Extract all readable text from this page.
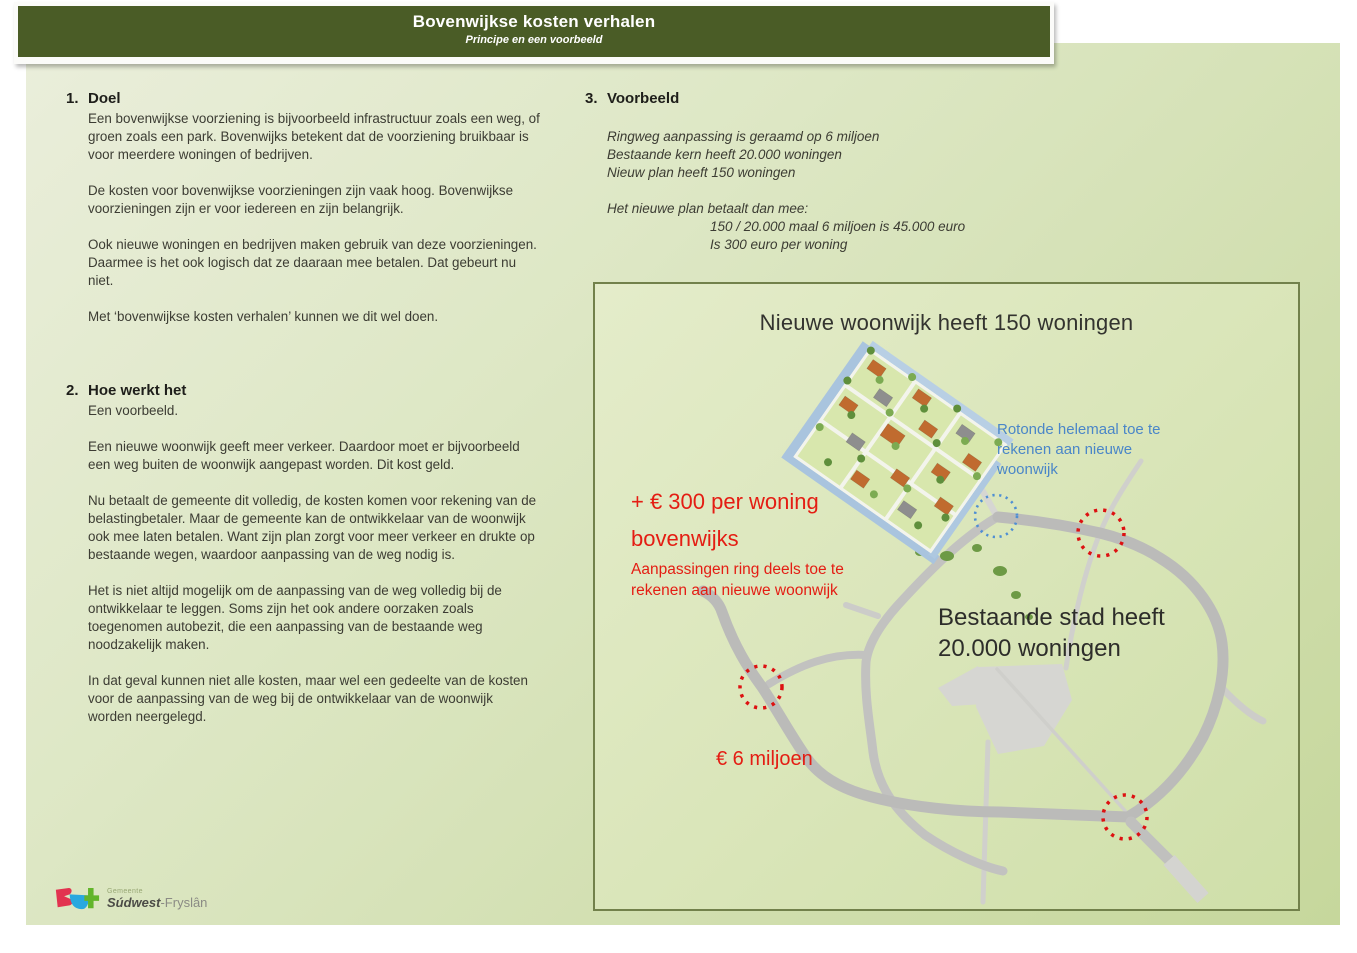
Bovenwijkse kosten verhalen
Principe en een voorbeeld
1. Doel

Een bovenwijkse voorziening is bijvoorbeeld infrastructuur zoals een weg, of groen zoals een park. Bovenwijks betekent dat de voorziening bruikbaar is voor meerdere woningen of bedrijven.

De kosten voor bovenwijkse voorzieningen zijn vaak hoog. Bovenwijkse voorzieningen zijn er voor iedereen en zijn belangrijk.

Ook nieuwe woningen en bedrijven maken gebruik van deze voorzieningen. Daarmee is het ook logisch dat ze daaraan mee betalen. Dat gebeurt nu niet.

Met ‘bovenwijkse kosten verhalen’ kunnen we dit wel doen.

2. Hoe werkt het

Een voorbeeld.

Een nieuwe woonwijk geeft meer verkeer. Daardoor moet er bijvoorbeeld een weg buiten de woonwijk aangepast worden. Dit kost geld.

Nu betaalt de gemeente dit volledig, de kosten komen voor rekening van de belastingbetaler. Maar de gemeente kan de ontwikkelaar van de woonwijk ook mee laten betalen. Want zijn plan zorgt voor meer verkeer en drukte op bestaande wegen, waardoor aanpassing van de weg nodig is.

Het is niet altijd mogelijk om de aanpassing van de weg volledig bij de ontwikkelaar te leggen. Soms zijn het ook andere oorzaken zoals toegenomen autobezit, die een aanpassing van de bestaande weg noodzakelijk maken.

In dat geval kunnen niet alle kosten, maar wel een gedeelte van de kosten voor de aanpassing van de weg bij de ontwikkelaar van de woonwijk worden neergelegd.

3. Voorbeeld
Ringweg aanpassing is geraamd op 6 miljoen
Bestaande kern heeft 20.000 woningen
Nieuw plan heeft 150 woningen
Het nieuwe plan betaalt dan mee:
150 / 20.000 maal 6 miljoen is 45.000 euro
Is 300 euro per woning
Nieuwe woonwijk heeft 150 woningen
Rotonde helemaal toe te
rekenen aan nieuwe
woonwijk
+ € 300 per woning
bovenwijks
Aanpassingen ring deels toe te
rekenen aan nieuwe woonwijk
Bestaande stad heeft
20.000 woningen
€ 6 miljoen
Gemeente
Súdwest-Fryslân
